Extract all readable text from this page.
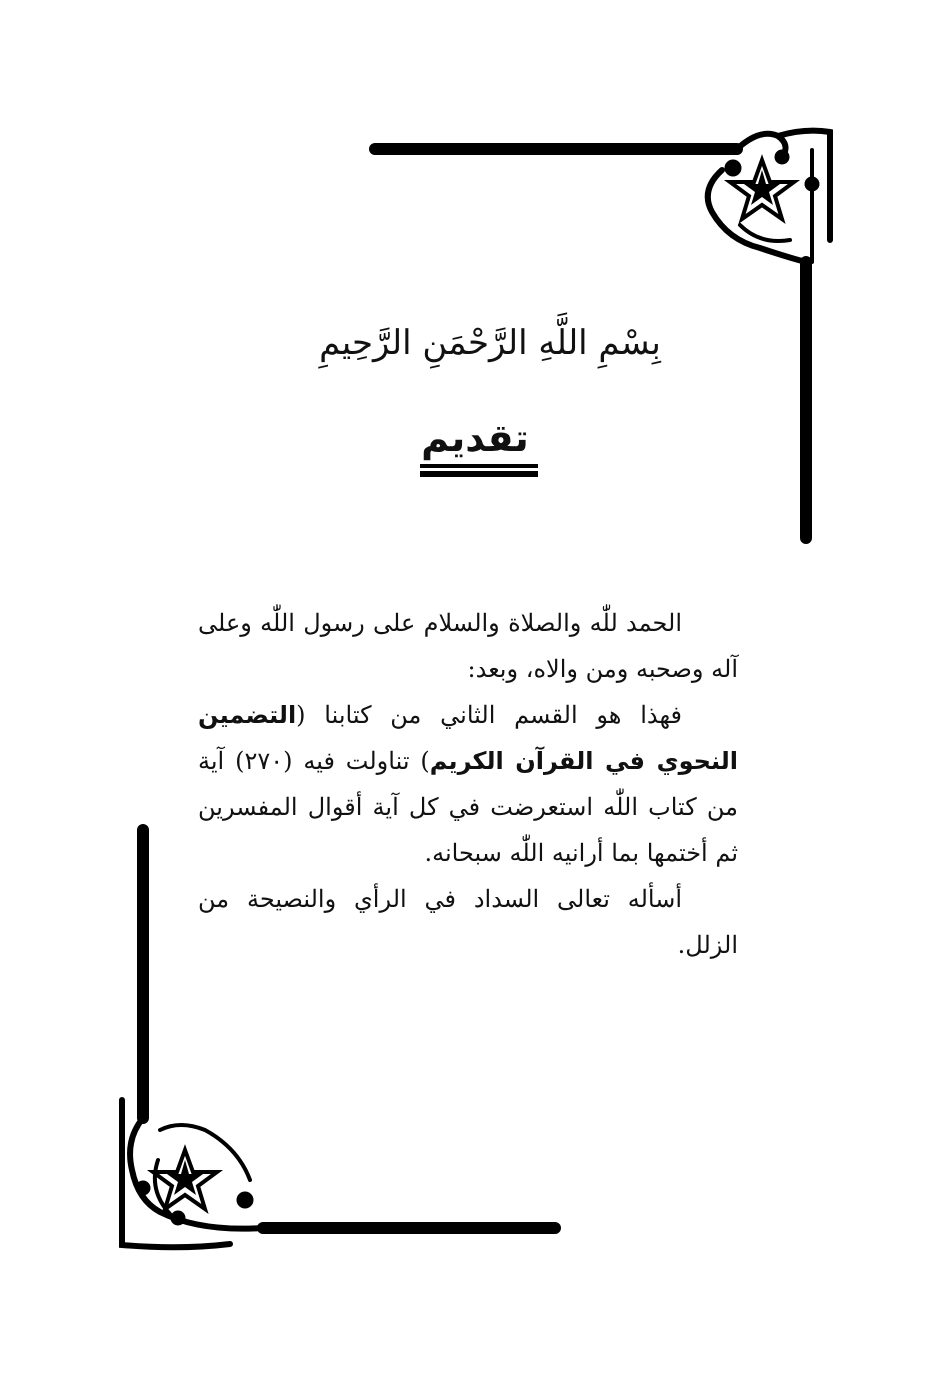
بِسْمِ اللَّهِ الرَّحْمَنِ الرَّحِيمِ
تقديم

الحمد للّٰه والصلاة والسلام على رسول اللّٰه وعلى آله وصحبه ومن والاه، وبعد:

فهذا هو القسم الثاني من كتابنا (التضمين النحوي في القرآن الكريم) تناولت فيه (٢٧٠) آية من كتاب اللّٰه استعرضت في كل آية أقوال المفسرين ثم أختمها بما أرانيه اللّٰه سبحانه.

أسأله تعالى السداد في الرأي والنصيحة من الزلل.
